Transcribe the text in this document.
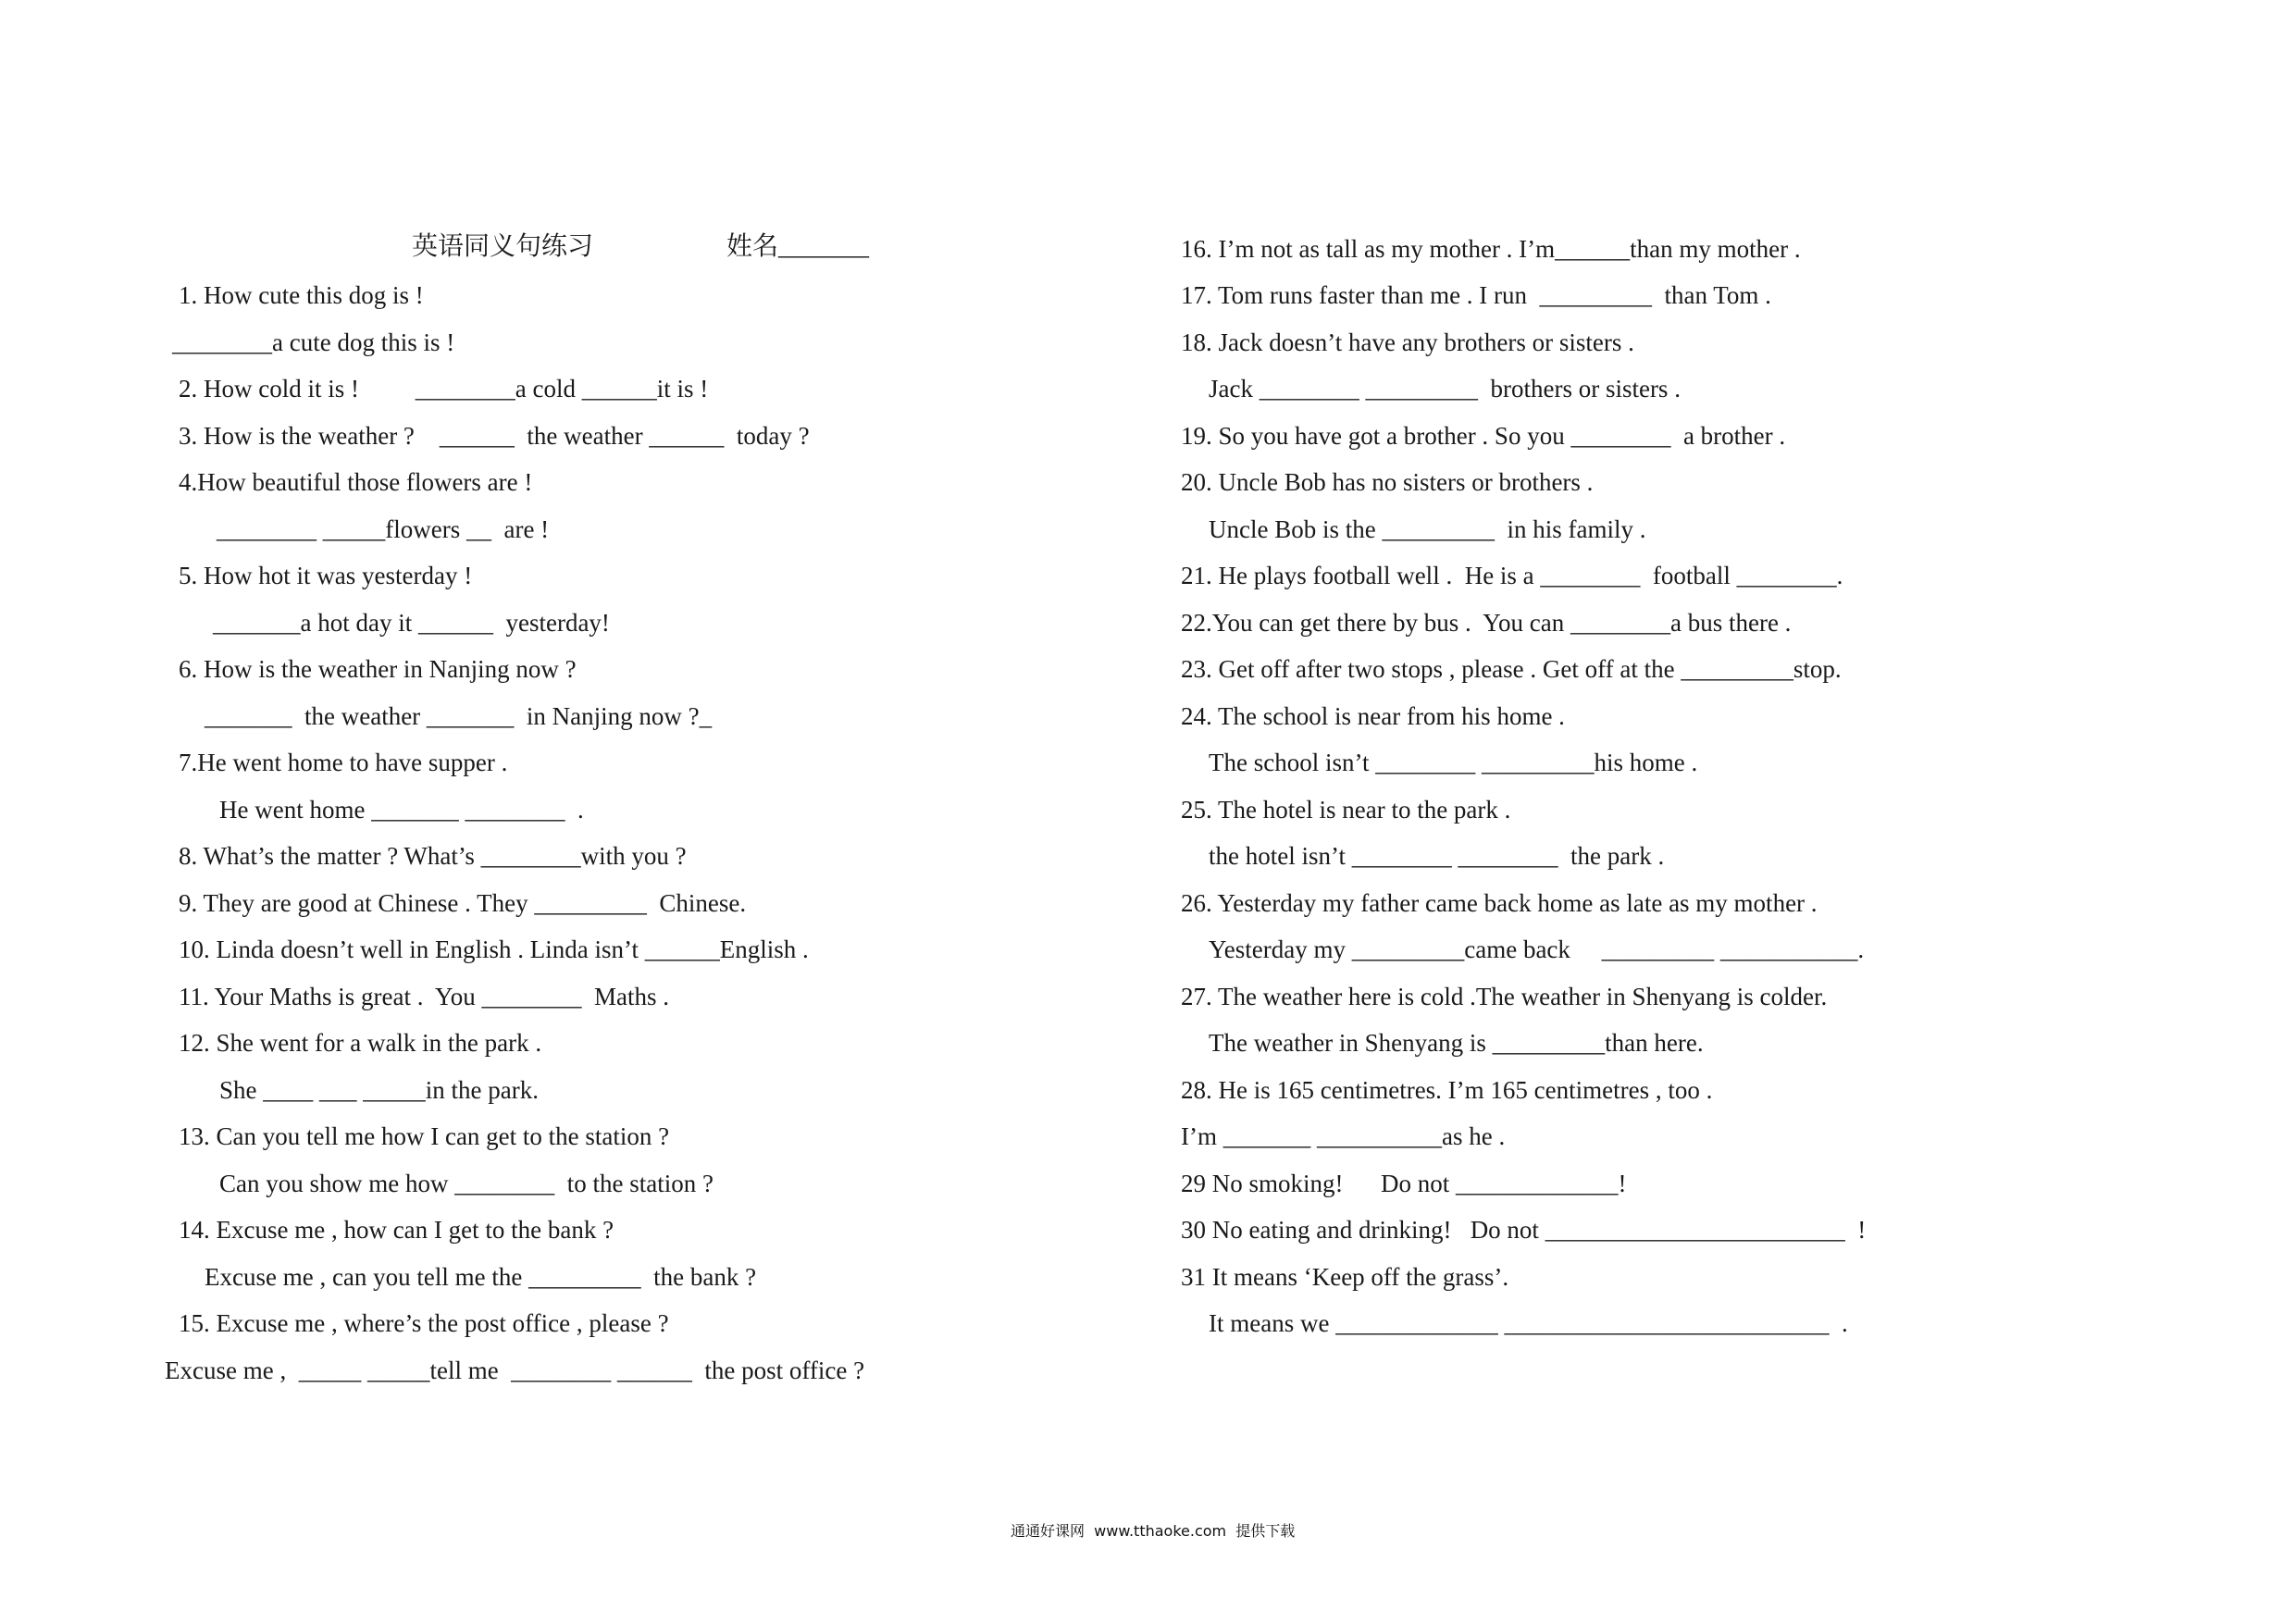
英语同义句练习	姓名_______
1. How cute this dog is !
________a cute dog this is !
2. How cold it is !         ________a cold ______it is !
3. How is the weather ?    ______  the weather ______  today ?
4.How beautiful those flowers are !
________ _____flowers __  are !
5. How hot it was yesterday !
_______a hot day it ______  yesterday!
6. How is the weather in Nanjing now ?
_______  the weather _______  in Nanjing now ?_
7.He went home to have supper .
He went home _______ ________  .
8. What’s the matter ? What’s ________with you ?
9. They are good at Chinese . They _________  Chinese.
10. Linda doesn’t well in English . Linda isn’t ______English .
11. Your Maths is great .  You ________  Maths .
12. She went for a walk in the park .
She ____ ___ _____in the park.
13. Can you tell me how I can get to the station ?
Can you show me how ________  to the station ?
14. Excuse me , how can I get to the bank ?
Excuse me , can you tell me the _________  the bank ?
15. Excuse me , where’s the post office , please ?
Excuse me ,  _____ _____tell me  ________ ______  the post office ?
16. I’m not as tall as my mother . I’m______than my mother .
17. Tom runs faster than me . I run  _________  than Tom .
18. Jack doesn’t have any brothers or sisters .
Jack ________ _________  brothers or sisters .
19. So you have got a brother . So you ________  a brother .
20. Uncle Bob has no sisters or brothers .
Uncle Bob is the _________  in his family .
21. He plays football well .  He is a ________  football ________.
22.You can get there by bus .  You can ________a bus there .
23. Get off after two stops , please . Get off at the _________stop.
24. The school is near from his home .
The school isn’t ________ _________his home .
25. The hotel is near to the park .
the hotel isn’t ________ ________  the park .
26. Yesterday my father came back home as late as my mother .
Yesterday my _________came back     _________ ___________.
27. The weather here is cold .The weather in Shenyang is colder.
The weather in Shenyang is _________than here.
28. He is 165 centimetres. I’m 165 centimetres , too .
I’m _______ __________as he .
29 No smoking!      Do not _____________!
30 No eating and drinking!   Do not ________________________  !
31 It means ‘Keep off the grass’.
It means we _____________ __________________________  .
通通好课网  www.tthaoke.com  提供下载
